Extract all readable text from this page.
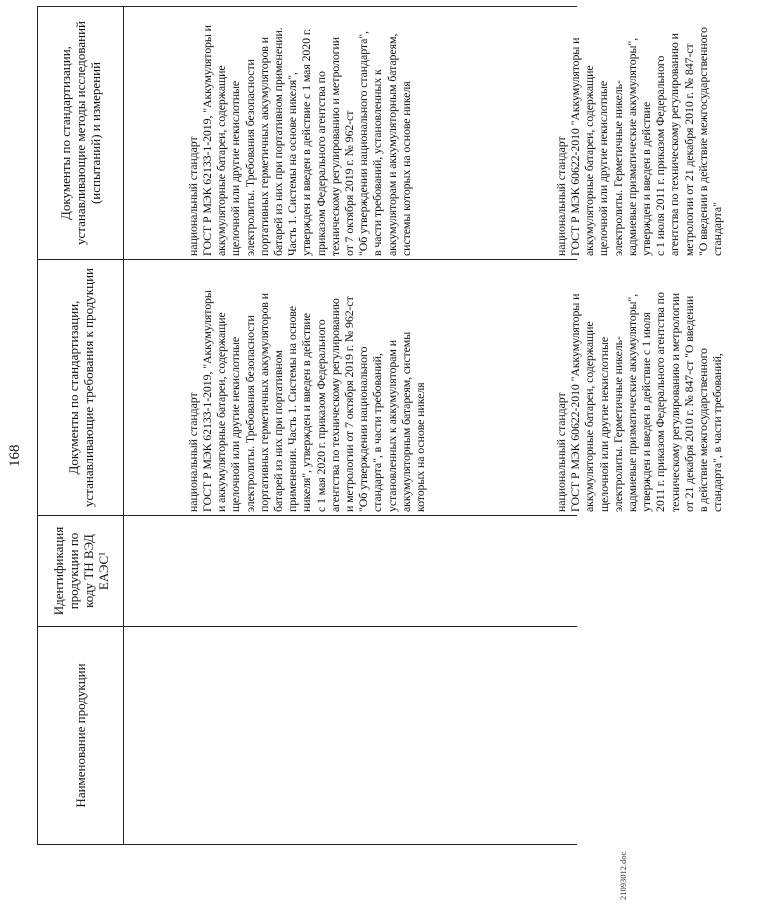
168
Наименование продукции
Идентификация продукции по коду ТН ВЭД ЕАЭС¹
Документы по стандартизации, устанавливающие требования к продукции
Документы по стандартизации, устанавливающие методы исследований (испытаний) и измерений

национальный стандарт ГОСТ Р МЭК 62133-1-2019, "Аккумуляторы и аккумуляторные батареи, содержащие щелочной или другие некислотные электролиты. Требования безопасности портативных герметичных аккумуляторов и батарей из них при портативном применении. Часть 1. Системы на основе никеля", утвержден и введен в действие с 1 мая 2020 г. приказом Федерального агентства по техническому регулированию и метрологии от 7 октября 2019 г. № 962-ст "Об утверждении национального стандарта", в части требований, установленных к аккумуляторам и аккумуляторным батареям, системы которых на основе никеля

	национальный стандарт ГОСТ Р МЭК 60622-2010 "Аккумуляторы и аккумуляторные батареи, содержащие щелочной или другие некислотные электролиты. Герметичные никель- кадмиевые призматические аккумуляторы", утвержден и введен в действие с 1 июля 2011 г. приказом Федерального агентства по техническому регулированию и метрологии от 21 декабря 2010 г. № 847-ст "О введении в действие межгосударственного стандарта", в части требований,

национальный стандарт ГОСТ Р МЭК 62133-1-2019, "Аккумуляторы и аккумуляторные батареи, содержащие щелочной или другие некислотные электролиты. Требования безопасности портативных герметичных аккумуляторов и батарей из них при портативном применении. Часть 1. Системы на основе никеля", утвержден и введен в действие с 1 мая 2020 г. приказом Федерального агентства по техническому регулированию и метрологии от 7 октября 2019 г. № 962-ст "Об утверждении национального стандарта", в части требований, установленных к аккумуляторам и аккумуляторным батареям, системы которых на основе никеля

	национальный стандарт ГОСТ Р МЭК 60622-2010 "Аккумуляторы и аккумуляторные батареи, содержащие щелочной или другие некислотные электролиты. Герметичные никель- кадмиевые призматические аккумуляторы", утвержден и введен в действие с 1 июля 2011 г. приказом Федерального агентства по техническому регулированию и метрологии от 21 декабря 2010 г. № 847-ст "О введении в действие межгосударственного стандарта"

21093012.doc
